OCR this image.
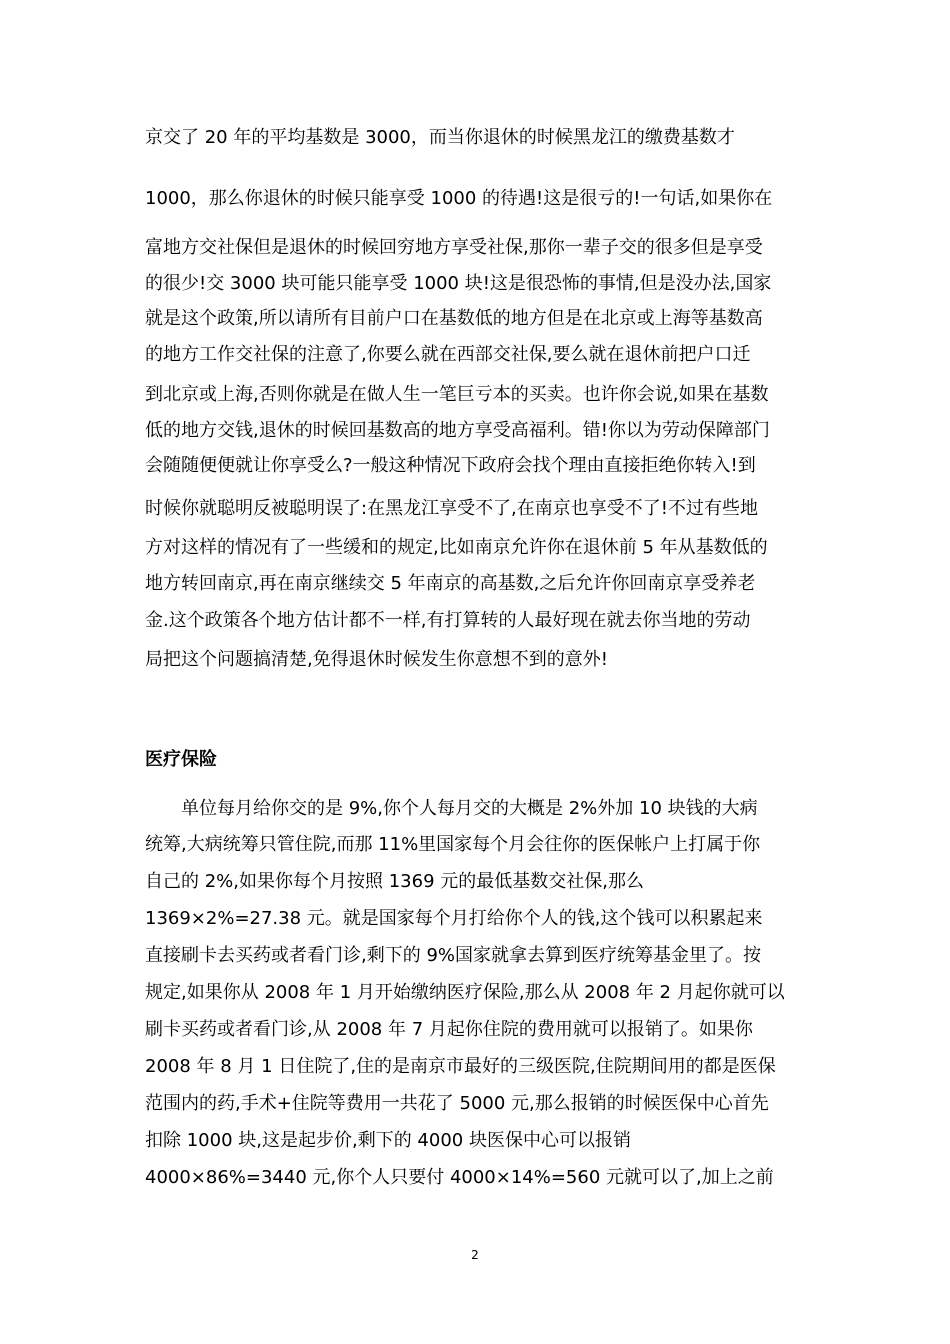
京交了 20 年的平均基数是 3000，而当你退休的时候黑龙江的缴费基数才
1000，那么你退休的时候只能享受 1000 的待遇!这是很亏的!一句话,如果你在
富地方交社保但是退休的时候回穷地方享受社保,那你一辈子交的很多但是享受
的很少!交 3000 块可能只能享受 1000 块!这是很恐怖的事情,但是没办法,国家
就是这个政策,所以请所有目前户口在基数低的地方但是在北京或上海等基数高
的地方工作交社保的注意了,你要么就在西部交社保,要么就在退休前把户口迁
到北京或上海,否则你就是在做人生一笔巨亏本的买卖。也许你会说,如果在基数
低的地方交钱,退休的时候回基数高的地方享受高福利。错!你以为劳动保障部门
会随随便便就让你享受么?一般这种情况下政府会找个理由直接拒绝你转入!到
时候你就聪明反被聪明误了:在黑龙江享受不了,在南京也享受不了!不过有些地
方对这样的情况有了一些缓和的规定,比如南京允许你在退休前 5 年从基数低的
地方转回南京,再在南京继续交 5 年南京的高基数,之后允许你回南京享受养老
金.这个政策各个地方估计都不一样,有打算转的人最好现在就去你当地的劳动
局把这个问题搞清楚,免得退休时候发生你意想不到的意外!
医疗保险
　　单位每月给你交的是 9%,你个人每月交的大概是 2%外加 10 块钱的大病
统筹,大病统筹只管住院,而那 11%里国家每个月会往你的医保帐户上打属于你
自己的 2%,如果你每个月按照 1369 元的最低基数交社保,那么
1369×2%=27.38 元。就是国家每个月打给你个人的钱,这个钱可以积累起来
直接刷卡去买药或者看门诊,剩下的 9%国家就拿去算到医疗统筹基金里了。按
规定,如果你从 2008 年 1 月开始缴纳医疗保险,那么从 2008 年 2 月起你就可以
刷卡买药或者看门诊,从 2008 年 7 月起你住院的费用就可以报销了。如果你
2008 年 8 月 1 日住院了,住的是南京市最好的三级医院,住院期间用的都是医保
范围内的药,手术+住院等费用一共花了 5000 元,那么报销的时候医保中心首先
扣除 1000 块,这是起步价,剩下的 4000 块医保中心可以报销
4000×86%=3440 元,你个人只要付 4000×14%=560 元就可以了,加上之前
2
